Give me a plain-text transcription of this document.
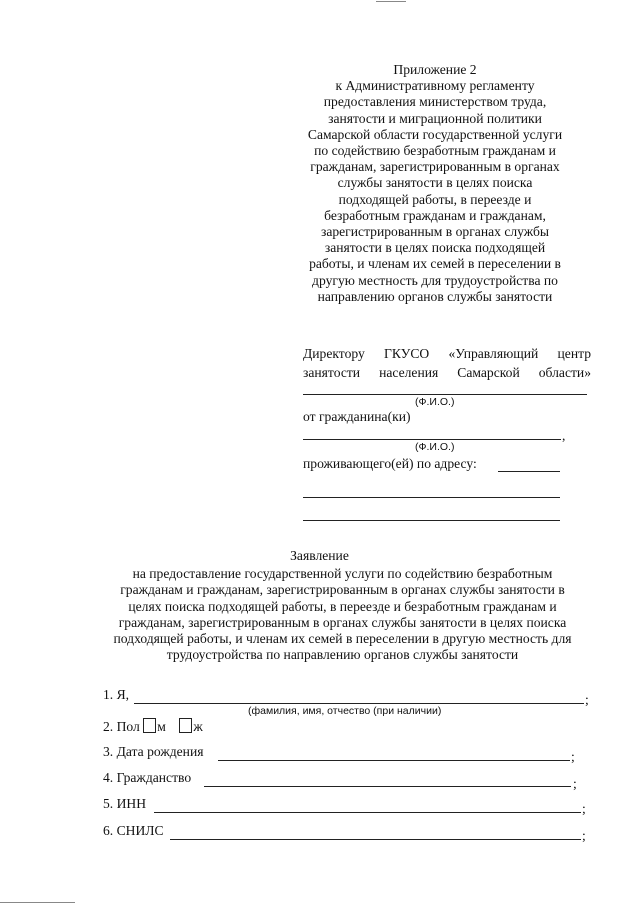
Приложение 2
к Административному регламенту
предоставления министерством труда,
занятости и миграционной политики
Самарской области государственной услуги
по содействию безработным гражданам и
гражданам, зарегистрированным в органах
службы занятости в целях поиска
подходящей работы, в переезде и
безработным гражданам и гражданам,
зарегистрированным в органах службы
занятости в целях поиска подходящей
работы, и членам их семей в переселении в
другую местность для трудоустройства по
направлению органов службы занятости
Директору ГКУСО «Управляющий центр
занятости населения Самарской области»
(Ф.И.О.)
от гражданина(ки)
,
(Ф.И.О.)
проживающего(ей) по адресу:
Заявление
на предоставление государственной услуги по содействию безработным
гражданам и гражданам, зарегистрированным в органах службы занятости в
целях поиска подходящей работы, в переезде и безработным гражданам и
гражданам, зарегистрированным в органах службы занятости в целях поиска
подходящей работы, и членам их семей в переселении в другую местность для
трудоустройства по направлению органов службы занятости
1. Я,	;
(фамилия, имя, отчество (при наличии)
2. Пол м ж
3. Дата рождения	;
4. Гражданство	;
5. ИНН	;
6. СНИЛС	;
